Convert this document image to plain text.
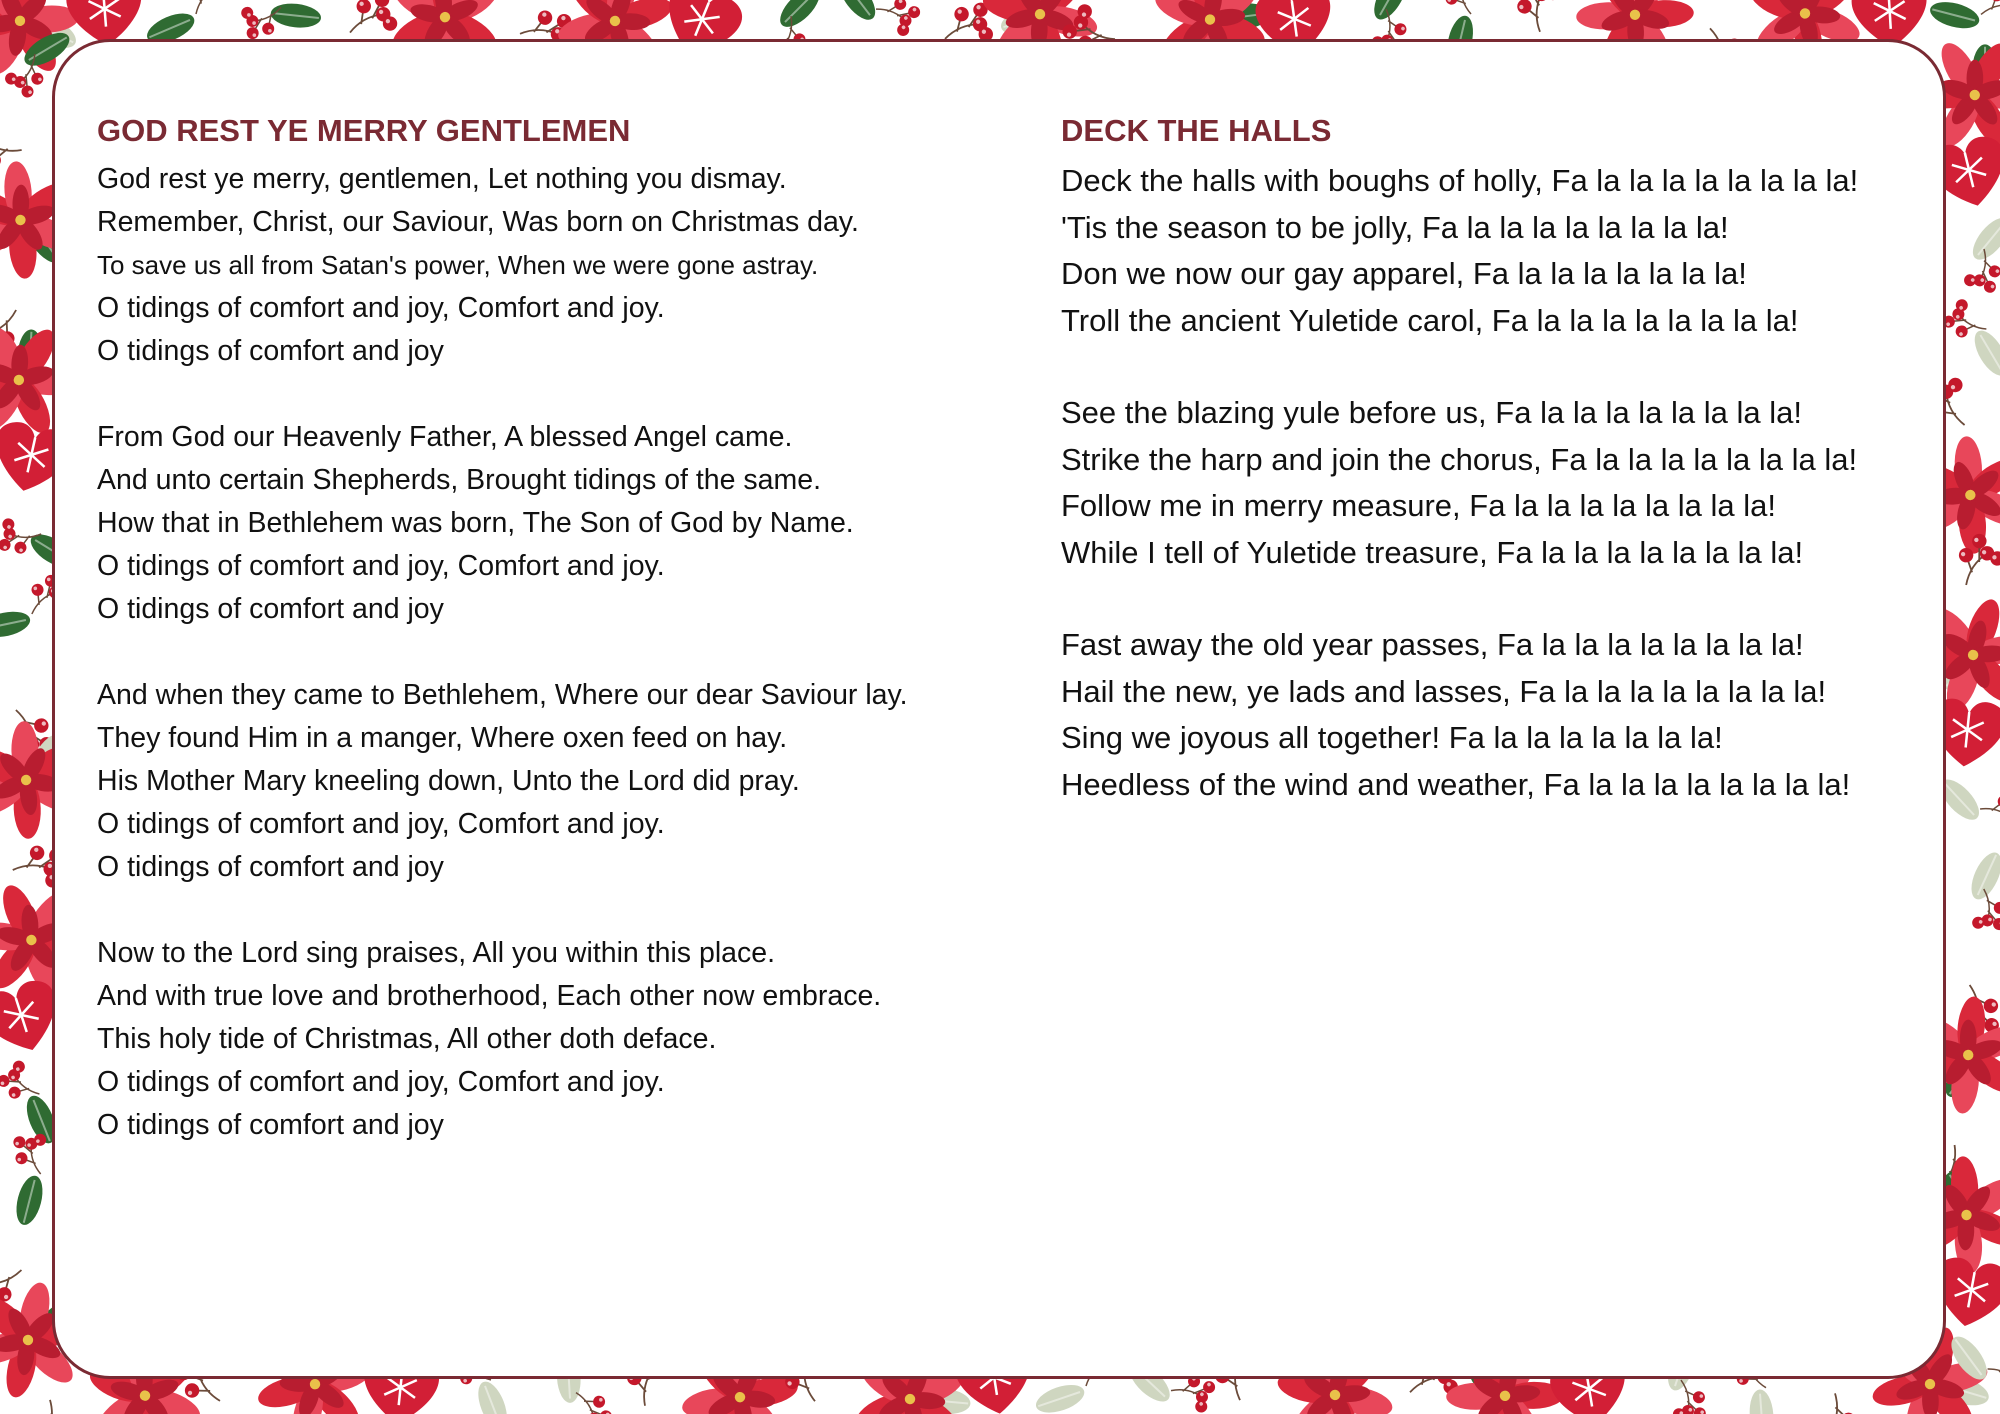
GOD REST YE MERRY GENTLEMEN
God rest ye merry, gentlemen, Let nothing you dismay.
Remember, Christ, our Saviour, Was born on Christmas day.
To save us all from Satan's power, When we were gone astray.
O tidings of comfort and joy, Comfort and joy.
O tidings of comfort and joy
From God our Heavenly Father, A blessed Angel came.
And unto certain Shepherds, Brought tidings of the same.
How that in Bethlehem was born, The Son of God by Name.
O tidings of comfort and joy, Comfort and joy.
O tidings of comfort and joy
And when they came to Bethlehem, Where our dear Saviour lay.
They found Him in a manger, Where oxen feed on hay.
His Mother Mary kneeling down, Unto the Lord did pray.
O tidings of comfort and joy, Comfort and joy.
O tidings of comfort and joy
Now to the Lord sing praises, All you within this place.
And with true love and brotherhood, Each other now embrace.
This holy tide of Christmas, All other doth deface.
O tidings of comfort and joy, Comfort and joy.
O tidings of comfort and joy
DECK THE HALLS
Deck the halls with boughs of holly, Fa la la la la la la la la!
'Tis the season to be jolly, Fa la la la la la la la la!
Don we now our gay apparel, Fa la la la la la la la!
Troll the ancient Yuletide carol, Fa la la la la la la la la!
See the blazing yule before us, Fa la la la la la la la la!
Strike the harp and join the chorus, Fa la la la la la la la la!
Follow me in merry measure, Fa la la la la la la la la!
While I tell of Yuletide treasure, Fa la la la la la la la la!
Fast away the old year passes, Fa la la la la la la la la!
Hail the new, ye lads and lasses, Fa la la la la la la la la!
Sing we joyous all together! Fa la la la la la la la!
Heedless of the wind and weather, Fa la la la la la la la la!
